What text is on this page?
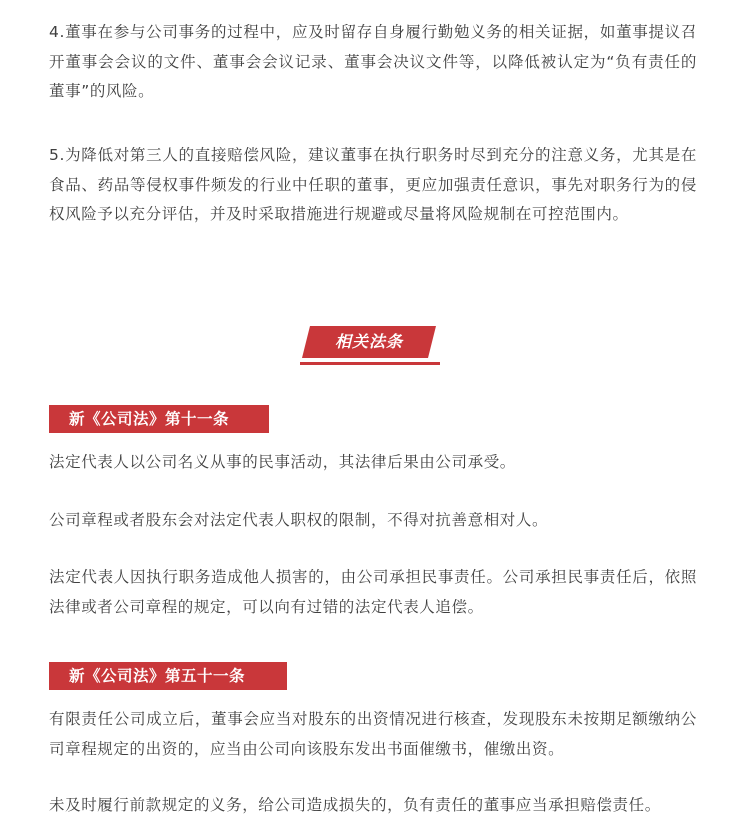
4.董事在参与公司事务的过程中，应及时留存自身履行勤勉义务的相关证据，如董事提议召开董事会会议的文件、董事会会议记录、董事会决议文件等，以降低被认定为“负有责任的董事”的风险。

5.为降低对第三人的直接赔偿风险，建议董事在执行职务时尽到充分的注意义务，尤其是在食品、药品等侵权事件频发的行业中任职的董事，更应加强责任意识，事先对职务行为的侵权风险予以充分评估，并及时采取措施进行规避或尽量将风险规制在可控范围内。

相关法条
新《公司法》第十一条

法定代表人以公司名义从事的民事活动，其法律后果由公司承受。

公司章程或者股东会对法定代表人职权的限制，不得对抗善意相对人。

法定代表人因执行职务造成他人损害的，由公司承担民事责任。公司承担民事责任后，依照法律或者公司章程的规定，可以向有过错的法定代表人追偿。

新《公司法》第五十一条

有限责任公司成立后，董事会应当对股东的出资情况进行核查，发现股东未按期足额缴纳公司章程规定的出资的，应当由公司向该股东发出书面催缴书，催缴出资。

未及时履行前款规定的义务，给公司造成损失的，负有责任的董事应当承担赔偿责任。
